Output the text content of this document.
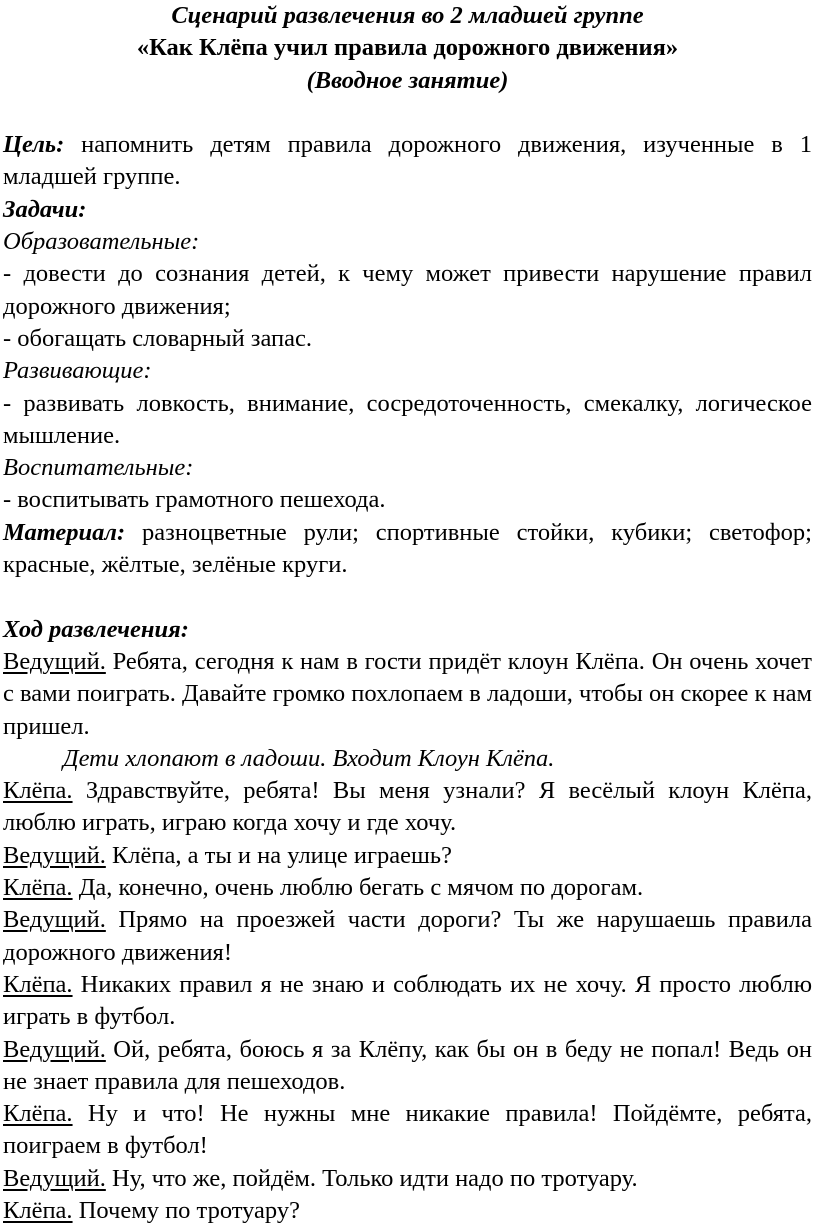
Сценарий развлечения во 2 младшей группе
«Как Клёпа учил правила дорожного движения»
(Вводное занятие)

Цель: напомнить детям правила дорожного движения, изученные в 1 младшей группе.

Задачи:

Образовательные:

- довести до сознания детей, к чему может привести нарушение правил дорожного движения;

- обогащать словарный запас.

Развивающие:

- развивать ловкость, внимание, сосредоточенность, смекалку, логическое мышление.

Воспитательные:

- воспитывать грамотного пешехода.

Материал: разноцветные рули; спортивные стойки, кубики; светофор; красные, жёлтые, зелёные круги.

Ход развлечения:

Ведущий. Ребята, сегодня к нам в гости придёт клоун Клёпа. Он очень хочет с вами поиграть. Давайте громко похлопаем в ладоши, чтобы он скорее к нам пришел.

Дети хлопают в ладоши. Входит Клоун Клёпа.

Клёпа. Здравствуйте, ребята! Вы меня узнали? Я весёлый клоун Клёпа, люблю играть, играю когда хочу и где хочу.

Ведущий. Клёпа, а ты и на улице играешь?

Клёпа. Да, конечно, очень люблю бегать с мячом по дорогам.

Ведущий. Прямо на проезжей части дороги? Ты же нарушаешь правила дорожного движения!

Клёпа. Никаких правил я не знаю и соблюдать их не хочу. Я просто люблю играть в футбол.

Ведущий. Ой, ребята, боюсь я за Клёпу, как бы он в беду не попал! Ведь он не знает правила для пешеходов.

Клёпа. Ну и что! Не нужны мне никакие правила! Пойдёмте, ребята, поиграем в футбол!

Ведущий. Ну, что же, пойдём. Только идти надо по тротуару.

Клёпа. Почему по тротуару?
